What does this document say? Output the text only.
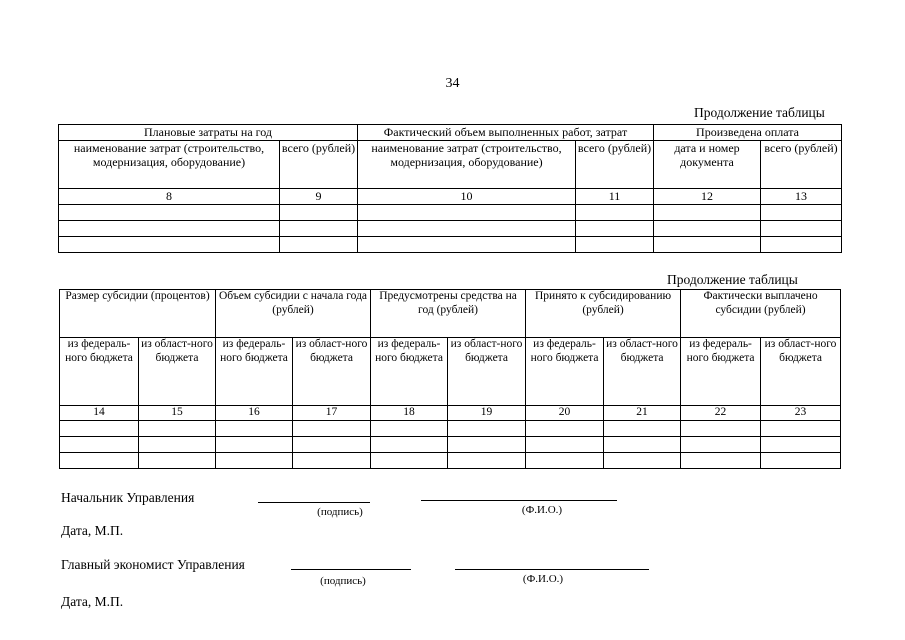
34
Продолжение таблицы
Плановые затраты на год		Фактический объем выполненных работ, затрат		Произведена оплата	
наименование затрат (строительство, модернизация, оборудование)	всего (рублей)	наименование затрат (строительство, модернизация, оборудование)	всего (рублей)	дата и номер документа	всего (рублей)
8	9	10	11	12	13

Продолжение таблицы
Размер субсидии (процентов)		Объем субсидии с начала года (рублей)		Предусмотрены средства на год (рублей)		Принято к субсидированию (рублей)		Фактически выплачено субсидии (рублей)	
из федераль-ного бюджета	из област-ного бюджета	из федераль-ного бюджета	из област-ного бюджета	из федераль-ного бюджета	из област-ного бюджета	из федераль-ного бюджета	из област-ного бюджета	из федераль-ного бюджета	из област-ного бюджета
14	15	16	17	18	19	20	21	22	23

Начальник Управления
(подпись)	(Ф.И.О.)
Дата, М.П.
Главный экономист Управления
(подпись)	(Ф.И.О.)
Дата, М.П.
